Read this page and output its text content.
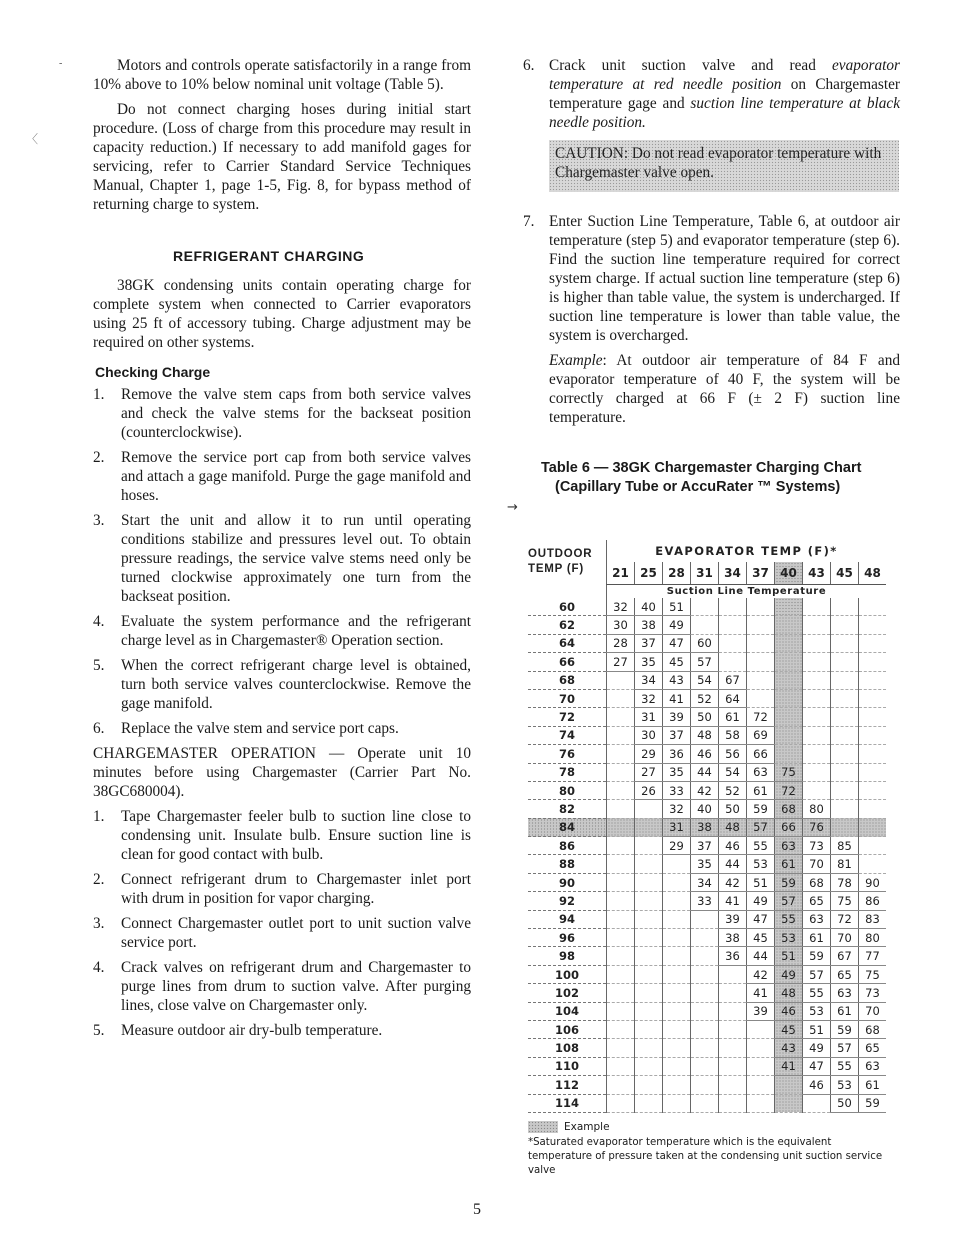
-
〈

Motors and controls operate satisfactorily in a range from 10% above to 10% below nominal unit voltage (Table 5).

Do not connect charging hoses during initial start procedure. (Loss of charge from this procedure may result in capacity reduction.) If necessary to add manifold gages for servicing, refer to Carrier Standard Service Techniques Manual, Chapter 1, page 1-5, Fig. 8, for bypass method of returning charge to system.

REFRIGERANT CHARGING

38GK condensing units contain operating charge for complete system when connected to Carrier evaporators using 25 ft of accessory tubing. Charge adjustment may be required on other systems.

Checking Charge
1.	Remove the valve stem caps from both service valves and check the valve stems for the backseat position (counterclockwise).
2.	Remove the service port cap from both service valves and attach a gage manifold. Purge the gage manifold and hoses.
3.	Start the unit and allow it to run until operating conditions stabilize and pressures level out. To obtain pressure readings, the service valve stems need only be turned clockwise approximately one turn from the backseat position.
4.	Evaluate the system performance and the refrigerant charge level as in Chargemaster® Operation section.
5.	When the correct refrigerant charge level is obtained, turn both service valves counterclockwise. Remove the gage manifold.
6.	Replace the valve stem and service port caps.

CHARGEMASTER OPERATION — Operate unit 10 minutes before using Chargemaster (Carrier Part No. 38GC680004).

1.	Tape Chargemaster feeler bulb to suction line close to condensing unit. Insulate bulb. Ensure suction line is clean for good contact with bulb.
2.	Connect refrigerant drum to Chargemaster inlet port with drum in position for vapor charging.
3.	Connect Chargemaster outlet port to unit suction valve service port.
4.	Crack valves on refrigerant drum and Chargemaster to purge lines from drum to suction valve. After purging lines, close valve on Chargemaster only.
5.	Measure outdoor air dry-bulb temperature.
6. Crack unit suction valve and read evaporator temperature at red needle position on Chargemaster temperature gage and suction line temperature at black needle position.
CAUTION: Do not read evaporator temperature with Chargemaster valve open.
7. Enter Suction Line Temperature, Table 6, at outdoor air temperature (step 5) and evaporator temperature (step 6). Find the suction line temperature required for correct system charge. If actual suction line temperature (step 6) is higher than table value, the system is undercharged. If suction line temperature is lower than table value, the system is overcharged.

Example: At outdoor air temperature of 84 F and evaporator temperature of 40 F, the system will be correctly charged at 66 F (± 2 F) suction line temperature.

Table 6 — 38GK Chargemaster Charging Chart
(Capillary Tube or AccuRater ™ Systems)
→
OUTDOOR TEMP (F)	EVAPORATOR TEMP (F)*									
	21	25	28	31	34	37	40	43	45	48
	Suction Line Temperature									
60	32	40	51							
62	30	38	49							
64	28	37	47	60						
66	27	35	45	57						
68		34	43	54	67					
70		32	41	52	64					
72		31	39	50	61	72				
74		30	37	48	58	69				
76		29	36	46	56	66				
78		27	35	44	54	63	75			
80		26	33	42	52	61	72			
82			32	40	50	59	68	80		
84			31	38	48	57	66	76		
86			29	37	46	55	63	73	85	
88				35	44	53	61	70	81	
90				34	42	51	59	68	78	90
92				33	41	49	57	65	75	86
94					39	47	55	63	72	83
96					38	45	53	61	70	80
98					36	44	51	59	67	77
100						42	49	57	65	75
102						41	48	55	63	73
104						39	46	53	61	70
106							45	51	59	68
108							43	49	57	65
110							41	47	55	63
112								46	53	61
114									50	59
Example
*Saturated evaporator temperature which is the equivalent temperature of pressure taken at the condensing unit suction service valve
5
